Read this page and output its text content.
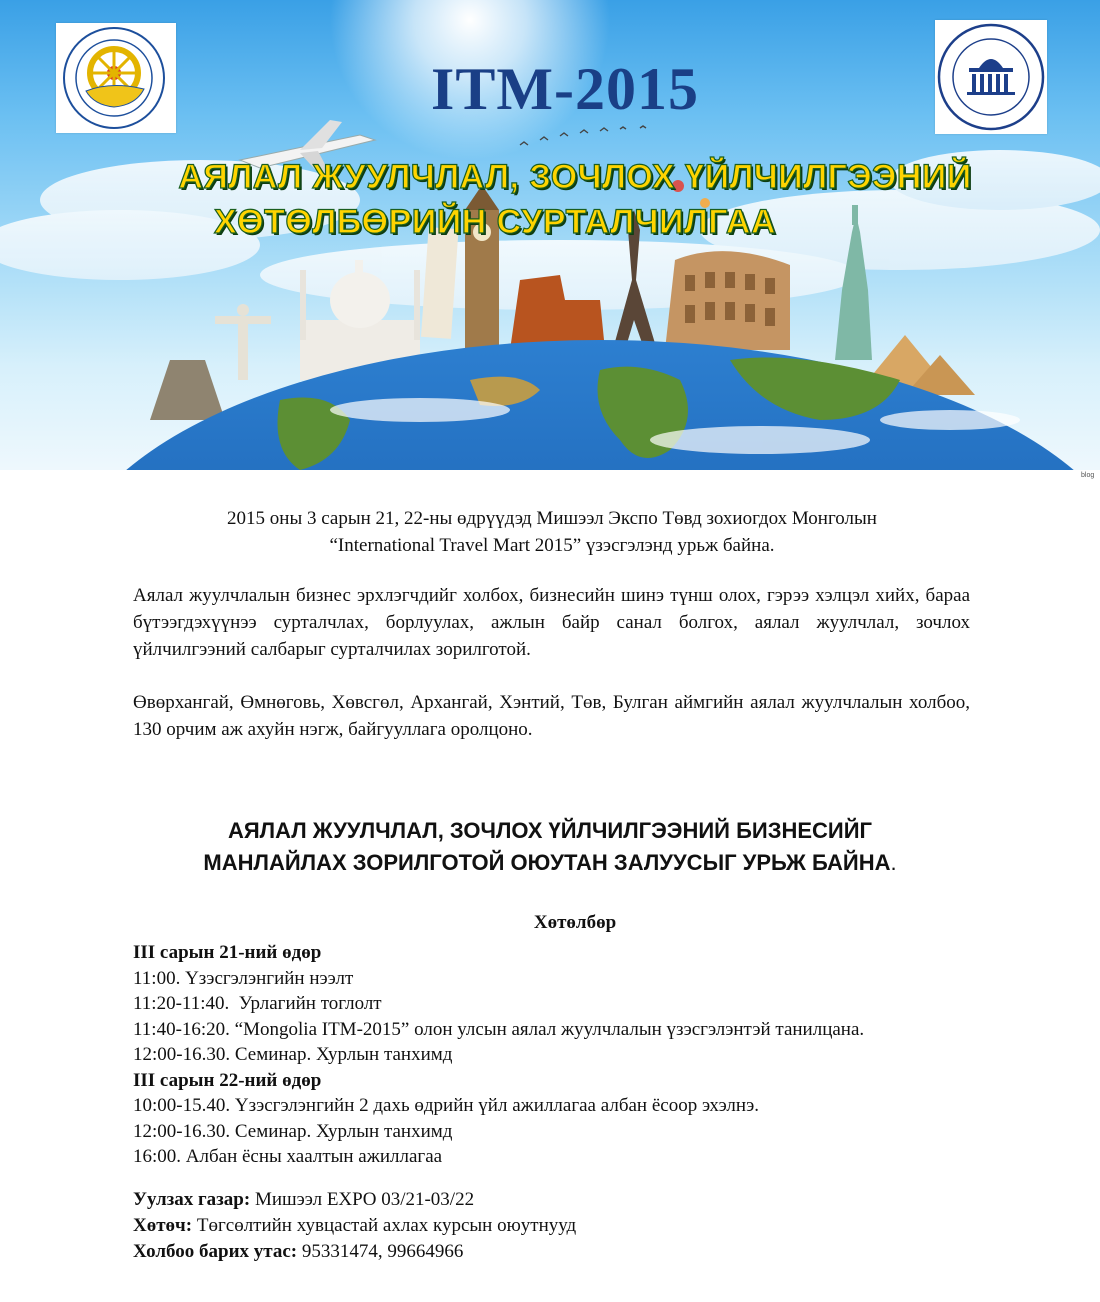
ITM-2015
АЯЛАЛ ЖУУЛЧЛАЛ, ЗОЧЛОХ ҮЙЛЧИЛГЭЭНИЙ
ХӨТӨЛБӨРИЙН СУРТАЛЧИЛГАА
blog
2015 оны 3 сарын 21, 22-ны өдрүүдэд Мишээл Экспо Төвд зохиогдох Монголын
“International Travel Mart 2015” үзэсгэлэнд урьж байна.
Аялал жуулчлалын бизнес эрхлэгчдийг холбох, бизнесийн шинэ түнш олох, гэрээ хэлцэл хийх, бараа бүтээгдэхүүнээ сурталчлах, борлуулах, ажлын байр санал болгох, аялал жуулчлал, зочлох үйлчилгээний салбарыг сурталчилах зорилготой.
Өвөрхангай, Өмнөговь, Хөвсгөл, Архангай, Хэнтий, Төв, Булган аймгийн аялал жуулчлалын холбоо, 130 орчим аж ахуйн нэгж, байгууллага оролцоно.
АЯЛАЛ ЖУУЛЧЛАЛ, ЗОЧЛОХ ҮЙЛЧИЛГЭЭНИЙ БИЗНЕСИЙГ
МАНЛАЙЛАХ ЗОРИЛГОТОЙ ОЮУТАН ЗАЛУУСЫГ УРЬЖ БАЙНА.
Хөтөлбөр
III сарын 21-ний өдөр
11:00. Үзэсгэлэнгийн нээлт
11:20-11:40.  Урлагийн тоглолт
11:40-16:20. “Mongolia ITM-2015” олон улсын аялал жуулчлалын үзэсгэлэнтэй танилцана.
12:00-16.30. Семинар. Хурлын танхимд
III сарын 22-ний өдөр
10:00-15.40. Үзэсгэлэнгийн 2 дахь өдрийн үйл ажиллагаа албан ёсоор эхэлнэ.
12:00-16.30. Семинар. Хурлын танхимд
16:00. Албан ёсны хаалтын ажиллагаа
Уулзах газар: Мишээл EXPO 03/21-03/22
Хөтөч: Төгсөлтийн хувцастай ахлах курсын оюутнууд
Холбоо барих утас: 95331474, 99664966
